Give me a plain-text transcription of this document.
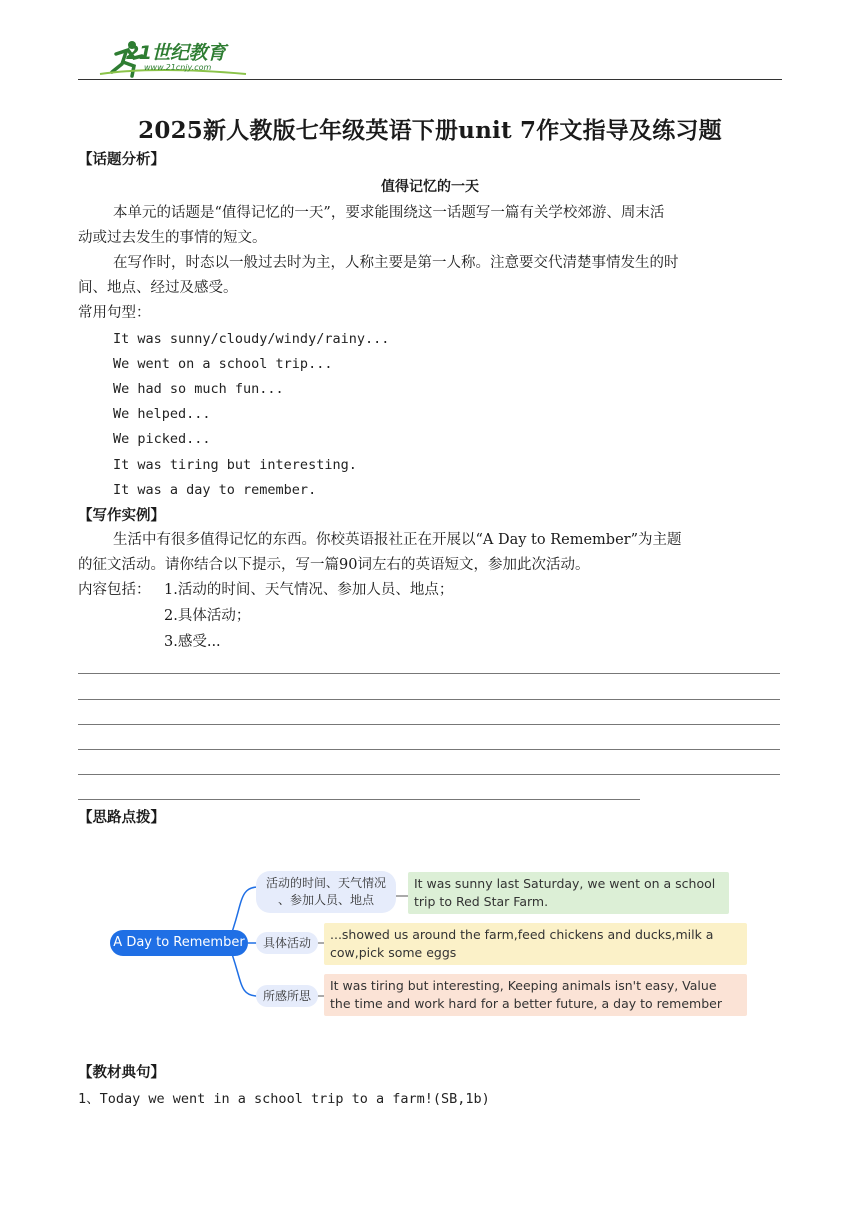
21世纪教育
www.21cnjy.com
2025新人教版七年级英语下册unit 7作文指导及练习题
【话题分析】
值得记忆的一天
本单元的话题是“值得记忆的一天”，要求能围绕这一话题写一篇有关学校郊游、周末活
动或过去发生的事情的短文。
在写作时，时态以一般过去时为主，人称主要是第一人称。注意要交代清楚事情发生的时
间、地点、经过及感受。
常用句型：
It was sunny/cloudy/windy/rainy...
We went on a school trip...
We had so much fun...
We helped...
We picked...
It was tiring but interesting.
It was a day to remember.
【写作实例】
生活中有很多值得记忆的东西。你校英语报社正在开展以“A Day to Remember”为主题
的征文活动。请你结合以下提示，写一篇90词左右的英语短文，参加此次活动。
内容包括： 1.活动的时间、天气情况、参加人员、地点；
2.具体活动；
3.感受...
【思路点拨】
A Day to Remember
活动的时间、天气情况
、参加人员、地点
It was sunny last Saturday, we went on a school
trip to Red Star Farm.
具体活动
...showed us around the farm,feed chickens and ducks,milk a
cow,pick some eggs
所感所思
It was tiring but interesting, Keeping animals isn't easy, Value
the time and work hard for a better future, a day to remember
【教材典句】
1、Today we went in a school trip to a farm!(SB,1b)
